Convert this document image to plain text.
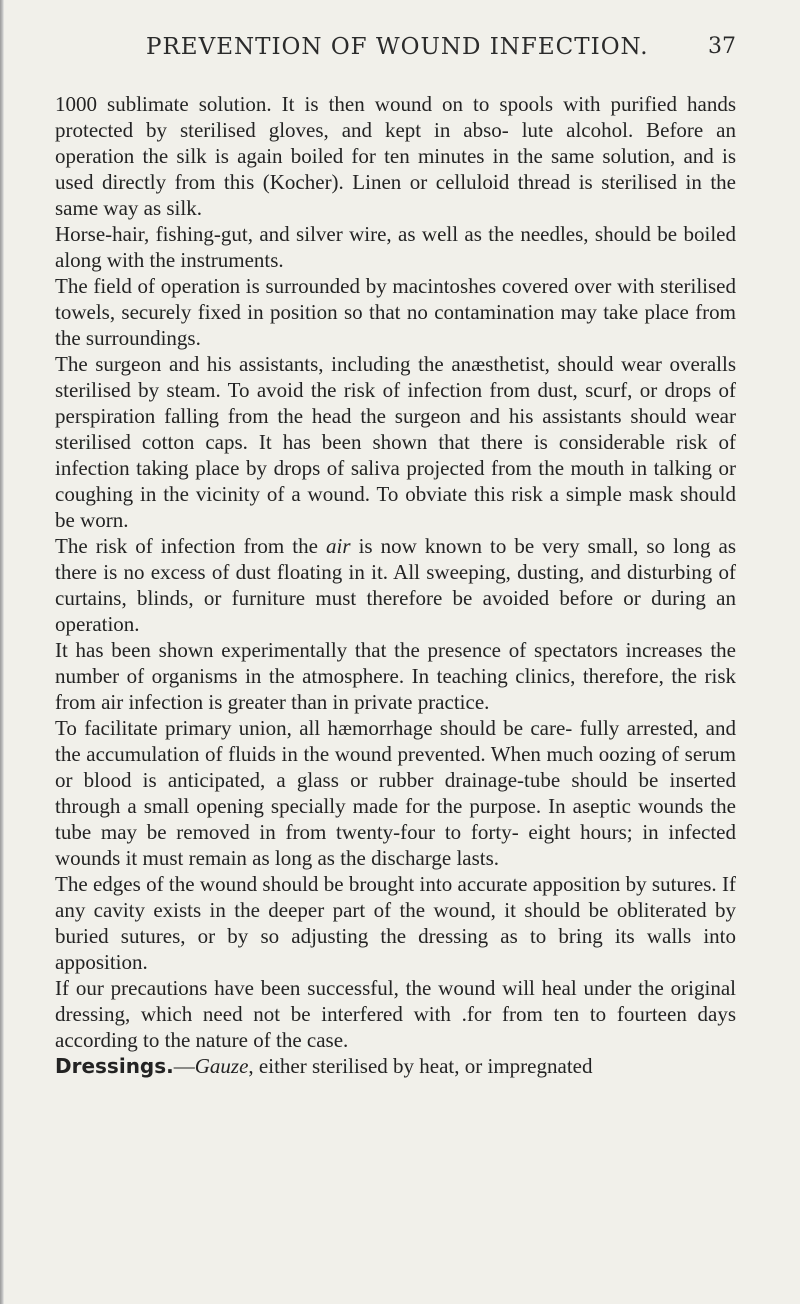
PREVENTION OF WOUND INFECTION.	37

1000 sublimate solution. It is then wound on to spools with purified hands protected by sterilised gloves, and kept in abso- lute alcohol. Before an operation the silk is again boiled for ten minutes in the same solution, and is used directly from this (Kocher). Linen or celluloid thread is sterilised in the same way as silk.

Horse-hair, fishing-gut, and silver wire, as well as the needles, should be boiled along with the instruments.

The field of operation is surrounded by macintoshes covered over with sterilised towels, securely fixed in position so that no contamination may take place from the surroundings.

The surgeon and his assistants, including the anæsthetist, should wear overalls sterilised by steam. To avoid the risk of infection from dust, scurf, or drops of perspiration falling from the head the surgeon and his assistants should wear sterilised cotton caps. It has been shown that there is considerable risk of infection taking place by drops of saliva projected from the mouth in talking or coughing in the vicinity of a wound. To obviate this risk a simple mask should be worn.

The risk of infection from the air is now known to be very small, so long as there is no excess of dust floating in it. All sweeping, dusting, and disturbing of curtains, blinds, or furniture must therefore be avoided before or during an operation.

It has been shown experimentally that the presence of spectators increases the number of organisms in the atmosphere. In teaching clinics, therefore, the risk from air infection is greater than in private practice.

To facilitate primary union, all hæmorrhage should be care- fully arrested, and the accumulation of fluids in the wound prevented. When much oozing of serum or blood is anticipated, a glass or rubber drainage-tube should be inserted through a small opening specially made for the purpose. In aseptic wounds the tube may be removed in from twenty-four to forty- eight hours; in infected wounds it must remain as long as the discharge lasts.

The edges of the wound should be brought into accurate apposition by sutures. If any cavity exists in the deeper part of the wound, it should be obliterated by buried sutures, or by so adjusting the dressing as to bring its walls into apposition.

If our precautions have been successful, the wound will heal under the original dressing, which need not be interfered with .for from ten to fourteen days according to the nature of the case.

Dressings.—Gauze, either sterilised by heat, or impregnated
